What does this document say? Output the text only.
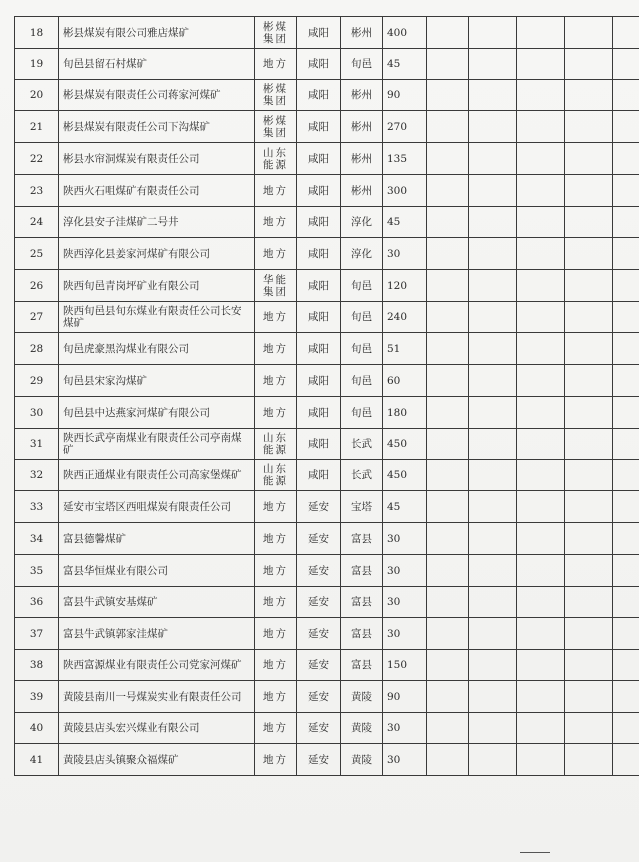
18	彬县煤炭有限公司雅店煤矿	彬煤集团	咸阳	彬州	400					
19	旬邑县留石村煤矿	地方	咸阳	旬邑	45					
20	彬县煤炭有限责任公司蒋家河煤矿	彬煤集团	咸阳	彬州	90					
21	彬县煤炭有限责任公司下沟煤矿	彬煤集团	咸阳	彬州	270					
22	彬县水帘洞煤炭有限责任公司	山东能源	咸阳	彬州	135					
23	陕西火石咀煤矿有限责任公司	地方	咸阳	彬州	300					
24	淳化县安子洼煤矿二号井	地方	咸阳	淳化	45					
25	陕西淳化县姜家河煤矿有限公司	地方	咸阳	淳化	30					
26	陕西旬邑青岗坪矿业有限公司	华能集团	咸阳	旬邑	120					
27	陕西旬邑县旬东煤业有限责任公司长安煤矿	地方	咸阳	旬邑	240					
28	旬邑虎豪黑沟煤业有限公司	地方	咸阳	旬邑	51					
29	旬邑县宋家沟煤矿	地方	咸阳	旬邑	60					
30	旬邑县中达燕家河煤矿有限公司	地方	咸阳	旬邑	180					
31	陕西长武亭南煤业有限责任公司亭南煤矿	山东能源	咸阳	长武	450					
32	陕西正通煤业有限责任公司高家堡煤矿	山东能源	咸阳	长武	450					
33	延安市宝塔区西咀煤炭有限责任公司	地方	延安	宝塔	45					
34	富县德馨煤矿	地方	延安	富县	30					
35	富县华恒煤业有限公司	地方	延安	富县	30					
36	富县牛武镇安基煤矿	地方	延安	富县	30					
37	富县牛武镇郭家洼煤矿	地方	延安	富县	30					
38	陕西富源煤业有限责任公司党家河煤矿	地方	延安	富县	150					
39	黄陵县南川一号煤炭实业有限责任公司	地方	延安	黄陵	90					
40	黄陵县店头宏兴煤业有限公司	地方	延安	黄陵	30					
41	黄陵县店头镇聚众福煤矿	地方	延安	黄陵	30					
